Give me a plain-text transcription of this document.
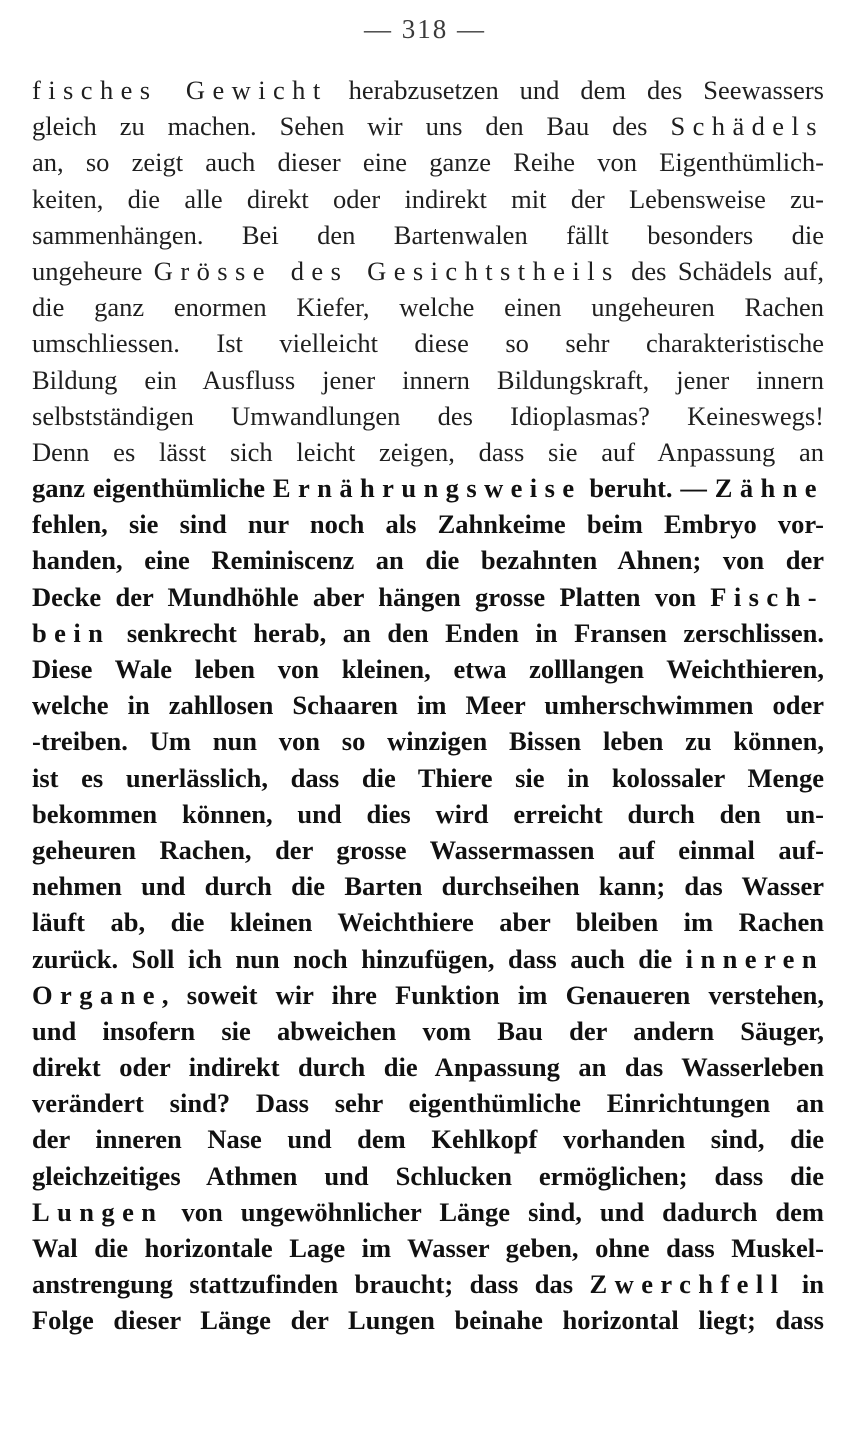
— 318 —
fisches Gewicht herabzusetzen und dem des Seewassers
gleich zu machen. Sehen wir uns den Bau des Schädels
an, so zeigt auch dieser eine ganze Reihe von Eigenthümlich-
keiten, die alle direkt oder indirekt mit der Lebensweise zu-
sammenhängen. Bei den Bartenwalen fällt besonders die
ungeheure Grösse des Gesichtstheils des Schädels auf,
die ganz enormen Kiefer, welche einen ungeheuren Rachen
umschliessen. Ist vielleicht diese so sehr charakteristische
Bildung ein Ausfluss jener innern Bildungskraft, jener innern
selbstständigen Umwandlungen des Idioplasmas? Keineswegs!
Denn es lässt sich leicht zeigen, dass sie auf Anpassung an
ganz eigenthümliche Ernährungsweise beruht. — Zähne
fehlen, sie sind nur noch als Zahnkeime beim Embryo vor-
handen, eine Reminiscenz an die bezahnten Ahnen; von der
Decke der Mundhöhle aber hängen grosse Platten von Fisch-
bein senkrecht herab, an den Enden in Fransen zerschlissen.
Diese Wale leben von kleinen, etwa zolllangen Weichthieren,
welche in zahllosen Schaaren im Meer umherschwimmen oder
-treiben. Um nun von so winzigen Bissen leben zu können,
ist es unerlässlich, dass die Thiere sie in kolossaler Menge
bekommen können, und dies wird erreicht durch den un-
geheuren Rachen, der grosse Wassermassen auf einmal auf-
nehmen und durch die Barten durchseihen kann; das Wasser
läuft ab, die kleinen Weichthiere aber bleiben im Rachen
zurück. Soll ich nun noch hinzufügen, dass auch die inneren
Organe, soweit wir ihre Funktion im Genaueren verstehen,
und insofern sie abweichen vom Bau der andern Säuger,
direkt oder indirekt durch die Anpassung an das Wasserleben
verändert sind? Dass sehr eigenthümliche Einrichtungen an
der inneren Nase und dem Kehlkopf vorhanden sind, die
gleichzeitiges Athmen und Schlucken ermöglichen; dass die
Lungen von ungewöhnlicher Länge sind, und dadurch dem
Wal die horizontale Lage im Wasser geben, ohne dass Muskel-
anstrengung stattzufinden braucht; dass das Zwerchfell in
Folge dieser Länge der Lungen beinahe horizontal liegt; dass
